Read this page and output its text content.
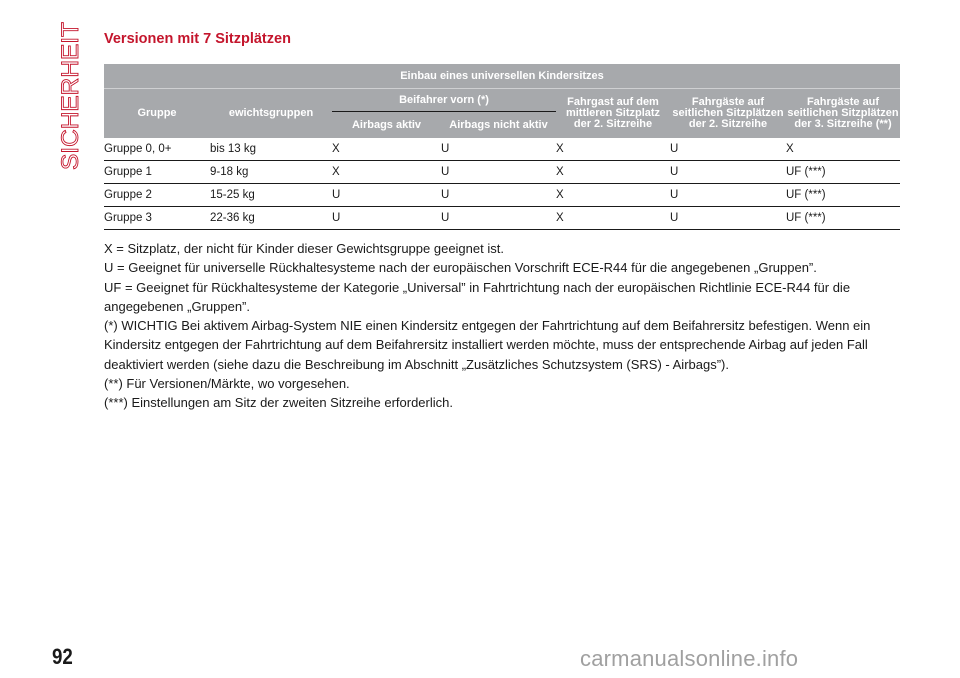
SICHERHEIT Versionen mit 7 Sitzplätzen
Einbau eines universellen Kindersitzes						
Gruppe	ewichtsgruppen	Beifahrer vorn (*)		Fahrgast auf dem mittleren Sitzplatz der 2. Sitzreihe	Fahrgäste auf seitlichen Sitzplätzen der 2. Sitzreihe	Fahrgäste auf seitlichen Sitzplätzen der 3. Sitzreihe (**)
		Airbags aktiv	Airbags nicht aktiv			
Gruppe 0, 0+	bis 13 kg	X	U	X	U	X
Gruppe 1	9-18 kg	X	U	X	U	UF (***)
Gruppe 2	15-25 kg	U	U	X	U	UF (***)
Gruppe 3	22-36 kg	U	U	X	U	UF (***)

X = Sitzplatz, der nicht für Kinder dieser Gewichtsgruppe geeignet ist.

U = Geeignet für universelle Rückhaltesysteme nach der europäischen Vorschrift ECE-R44 für die angegebenen „Gruppen”.

UF = Geeignet für Rückhaltesysteme der Kategorie „Universal” in Fahrtrichtung nach der europäischen Richtlinie ECE-R44 für die angegebenen „Gruppen”.

(*) WICHTIG Bei aktivem Airbag-System NIE einen Kindersitz entgegen der Fahrtrichtung auf dem Beifahrersitz befestigen. Wenn ein Kindersitz entgegen der Fahrtrichtung auf dem Beifahrersitz installiert werden möchte, muss der entsprechende Airbag auf jeden Fall deaktiviert werden (siehe dazu die Beschreibung im Abschnitt „Zusätzliches Schutzsystem (SRS) - Airbags”).

(**) Für Versionen/Märkte, wo vorgesehen.

(***) Einstellungen am Sitz der zweiten Sitzreihe erforderlich.

92	carmanualsonline.info
